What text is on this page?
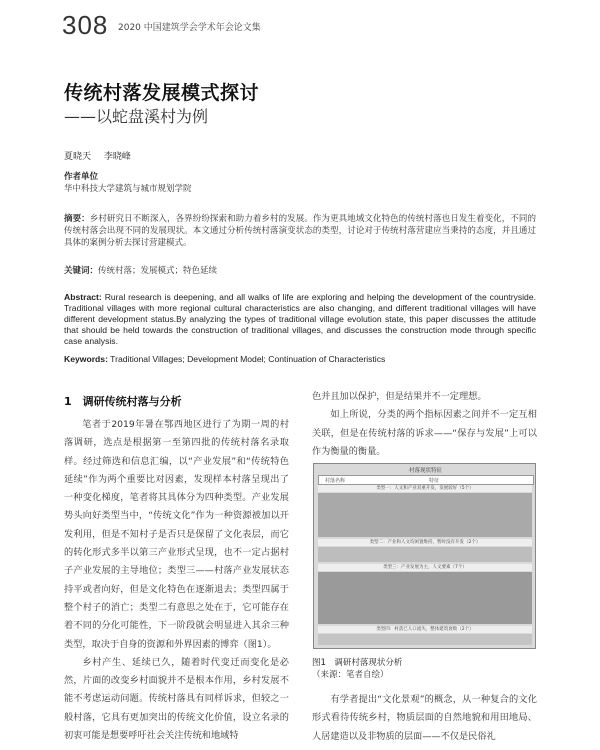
308 2020 中国建筑学会学术年会论文集
传统村落发展模式探讨
——以蛇盘溪村为例
夏晓天 李晓峰
作者单位
华中科技大学建筑与城市规划学院
摘要：乡村研究日不断深入，各界纷纷探索和助力着乡村的发展。作为更具地域文化特色的传统村落也日发生着变化，不同的传统村落会出现不同的发展现状。本文通过分析传统村落演变状态的类型，讨论对于传统村落营建应当秉持的态度，并且通过具体的案例分析去探讨营建模式。
关键词：传统村落；发展模式；特色延续
Abstract: Rural research is deepening, and all walks of life are exploring and helping the development of the countryside. Traditional villages with more regional cultural characteristics are also changing, and different traditional villages will have different development status.By analyzing the types of traditional village evolution state, this paper discusses the attitude that should be held towards the construction of traditional villages, and discusses the construction mode through specific case analysis.
Keywords: Traditional Villages; Development Model; Continuation of Characteristics
1　调研传统村落与分析

笔者于2019年暑在鄂西地区进行了为期一周的村落调研，选点是根据第一至第四批的传统村落名录取样。经过筛选和信息汇编，以“产业发展”和“传统特色延续”作为两个重要比对因素，发现样本村落呈现出了一种变化梯度，笔者将其具体分为四种类型。产业发展势头向好类型当中，“传统文化”作为一种资源被加以开发利用，但是不知村子是否只是保留了文化表层，而它的转化形式多半以第三产业形式呈现，也不一定占据村子产业发展的主导地位；类型三——村落产业发展状态持平或者向好，但是文化特色在逐渐退去；类型四属于整个村子的消亡；类型二有意思之处在于，它可能存在着不同的分化可能性，下一阶段就会明显进入其余三种类型，取决于自身的资源和外界因素的博弈（图1）。

乡村产生、延续已久，随着时代变迁而变化是必然，片面的改变乡村面貌并不是根本作用，乡村发展不能不考虑运动问题。传统村落具有同样诉求，但较之一般村落，它具有更加突出的传统文化价值，设立名录的初衷可能是想要呼吁社会关注传统和地域特

色并且加以保护，但是结果并不一定理想。

如上所说，分类的两个指标因素之间并不一定互相关联，但是在传统村落的诉求——“保存与发展”上可以作为衡量的衡量。

村落现状特征
村落名称	特征
类型一：人文和产业双重开发，发展较好（5个）
类型二：产业和人文均闲置维持，暂时没有开发（2个）
类型三：产业发展为主，人文要素（7个）
类型四：村落已人口流失，整体建筑衰败（2个）
图1　调研村落现状分析
（来源：笔者自绘）

有学者提出“文化景观”的概念，从一种复合的文化形式看待传统乡村，物质层面的自然地貌和用田地局、人居建造以及非物质的层面——不仅是民俗礼
